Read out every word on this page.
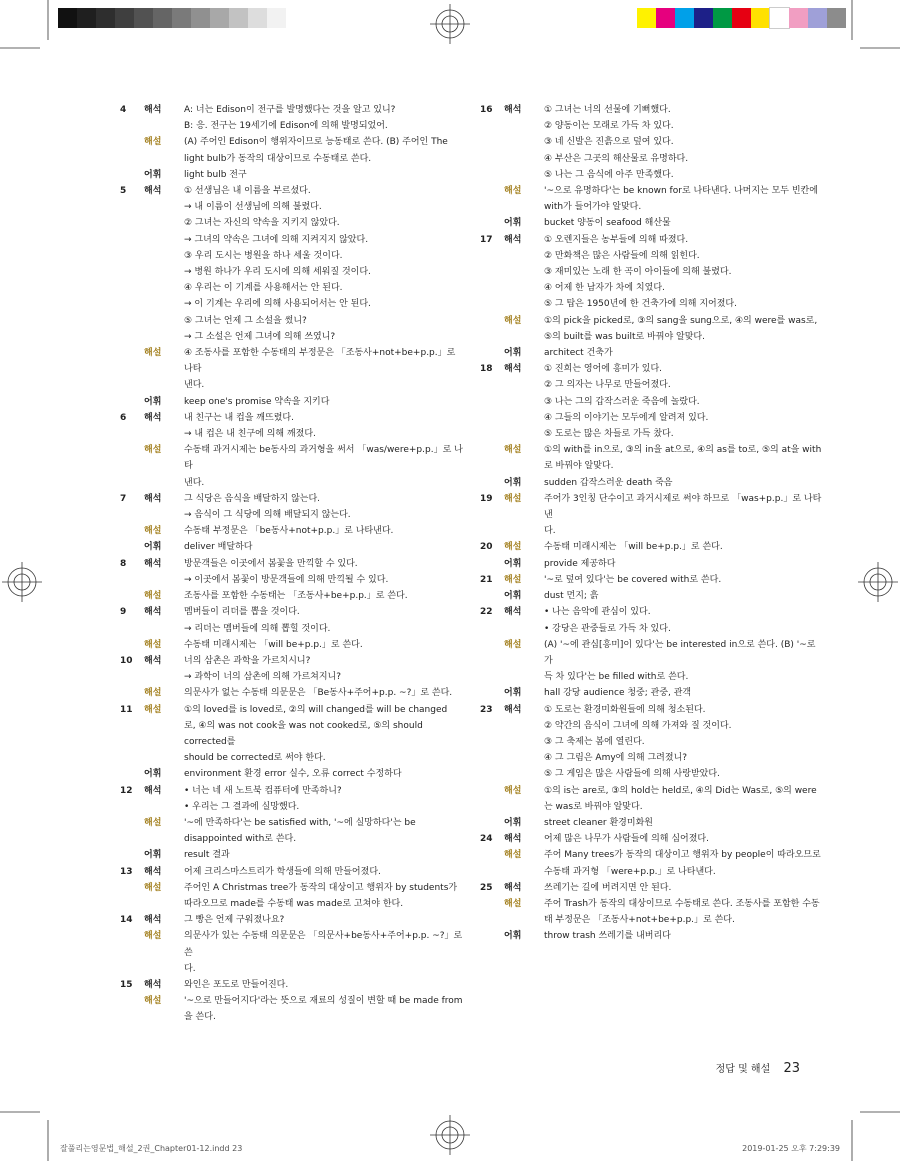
4 해석	A: 너는 Edison이 전구를 발명했다는 것을 알고 있니?
B: 응. 전구는 19세기에 Edison에 의해 발명되었어.
해설	(A) 주어인 Edison이 행위자이므로 능동태로 쓴다. (B) 주어인 The
light bulb가 동작의 대상이므로 수동태로 쓴다.
어휘	light bulb 전구
5 해석	① 선생님은 내 이름을 부르셨다.
→ 내 이름이 선생님에 의해 불렸다.
② 그녀는 자신의 약속을 지키지 않았다.
→ 그녀의 약속은 그녀에 의해 지켜지지 않았다.
③ 우리 도시는 병원을 하나 세울 것이다.
→ 병원 하나가 우리 도시에 의해 세워질 것이다.
④ 우리는 이 기계를 사용해서는 안 된다.
→ 이 기계는 우리에 의해 사용되어서는 안 된다.
⑤ 그녀는 언제 그 소설을 썼니?
→ 그 소설은 언제 그녀에 의해 쓰였니?
해설	④ 조동사를 포함한 수동태의 부정문은 「조동사+not+be+p.p.」로 나타
낸다.
어휘	keep one's promise 약속을 지키다
6 해석	내 친구는 내 컵을 깨뜨렸다.
→ 내 컵은 내 친구에 의해 깨졌다.
해설	수동태 과거시제는 be동사의 과거형을 써서 「was/were+p.p.」로 나타
낸다.
7 해석	그 식당은 음식을 배달하지 않는다.
→ 음식이 그 식당에 의해 배달되지 않는다.
해설	수동태 부정문은 「be동사+not+p.p.」로 나타낸다.
어휘	deliver 배달하다
8 해석	방문객들은 이곳에서 봄꽃을 만끽할 수 있다.
→ 이곳에서 봄꽃이 방문객들에 의해 만끽될 수 있다.
해설	조동사를 포함한 수동태는 「조동사+be+p.p.」로 쓴다.
9 해석	멤버들이 리더를 뽑을 것이다.
→ 리더는 멤버들에 의해 뽑힐 것이다.
해설	수동태 미래시제는 「will be+p.p.」로 쓴다.
10 해석	너의 삼촌은 과학을 가르치시니?
→ 과학이 너의 삼촌에 의해 가르쳐지니?
해설	의문사가 없는 수동태 의문문은 「Be동사+주어+p.p. ~?」로 쓴다.
11 해설	①의 loved를 is loved로, ②의 will changed를 will be changed
로, ④의 was not cook을 was not cooked로, ⑤의 should corrected를
should be corrected로 써야 한다.
어휘	environment 환경 error 실수, 오류 correct 수정하다
12 해석	• 너는 네 새 노트북 컴퓨터에 만족하니?
• 우리는 그 결과에 실망했다.
해설	'~에 만족하다'는 be satisfied with, '~에 실망하다'는 be
disappointed with로 쓴다.
어휘	result 결과
13 해석	어제 크리스마스트리가 학생들에 의해 만들어졌다.
해설	주어인 A Christmas tree가 동작의 대상이고 행위자 by students가
따라오므로 made를 수동태 was made로 고쳐야 한다.
14 해석	그 빵은 언제 구워졌나요?
해설	의문사가 있는 수동태 의문문은 「의문사+be동사+주어+p.p. ~?」로 쓴
다.
15 해석	와인은 포도로 만들어진다.
해설	'~으로 만들어지다'라는 뜻으로 재료의 성질이 변할 때 be made from
을 쓴다.
16 해석	① 그녀는 너의 선물에 기뻐했다.
② 양동이는 모래로 가득 차 있다.
③ 네 신발은 진흙으로 덮여 있다.
④ 부산은 그곳의 해산물로 유명하다.
⑤ 나는 그 음식에 아주 만족했다.
해설	'~으로 유명하다'는 be known for로 나타낸다. 나머지는 모두 빈칸에
with가 들어가야 알맞다.
어휘	bucket 양동이 seafood 해산물
17 해석	① 오렌지들은 농부들에 의해 따졌다.
② 만화책은 많은 사람들에 의해 읽힌다.
③ 재미있는 노래 한 곡이 아이들에 의해 불렸다.
④ 어제 한 남자가 차에 치였다.
⑤ 그 탑은 1950년에 한 건축가에 의해 지어졌다.
해설	①의 pick을 picked로, ③의 sang을 sung으로, ④의 were를 was로,
⑤의 built를 was built로 바꿔야 알맞다.
어휘	architect 건축가
18 해석	① 진희는 영어에 흥미가 있다.
② 그 의자는 나무로 만들어졌다.
③ 나는 그의 갑작스러운 죽음에 놀랐다.
④ 그들의 이야기는 모두에게 알려져 있다.
⑤ 도로는 많은 차들로 가득 찼다.
해설	①의 with를 in으로, ③의 in을 at으로, ④의 as를 to로, ⑤의 at을 with
로 바꿔야 알맞다.
어휘	sudden 갑작스러운 death 죽음
19 해설	주어가 3인칭 단수이고 과거시제로 써야 하므로 「was+p.p.」로 나타낸
다.
20 해설	수동태 미래시제는 「will be+p.p.」로 쓴다.
어휘	provide 제공하다
21 해설	'~로 덮여 있다'는 be covered with로 쓴다.
어휘	dust 먼지; 흙
22 해석	• 나는 음악에 관심이 있다.
• 강당은 관중들로 가득 차 있다.
해설	(A) '~에 관심[흥미]이 있다'는 be interested in으로 쓴다. (B) '~로 가
득 차 있다'는 be filled with로 쓴다.
어휘	hall 강당 audience 청중; 관중, 관객
23 해석	① 도로는 환경미화원들에 의해 청소된다.
② 약간의 음식이 그녀에 의해 가져와 질 것이다.
③ 그 축제는 봄에 열린다.
④ 그 그림은 Amy에 의해 그려졌니?
⑤ 그 게임은 많은 사람들에 의해 사랑받았다.
해설	①의 is는 are로, ③의 hold는 held로, ④의 Did는 Was로, ⑤의 were
는 was로 바꿔야 알맞다.
어휘	street cleaner 환경미화원
24 해석	어제 많은 나무가 사람들에 의해 심어졌다.
해설	주어 Many trees가 동작의 대상이고 행위자 by people이 따라오므로
수동태 과거형 「were+p.p.」로 나타낸다.
25 해석	쓰레기는 길에 버려지면 안 된다.
해설	주어 Trash가 동작의 대상이므로 수동태로 쓴다. 조동사를 포함한 수동
태 부정문은 「조동사+not+be+p.p.」로 쓴다.
어휘	throw trash 쓰레기를 내버리다
정답 및 해설 23
잘풀리는영문법_해설_2권_Chapter01-12.indd 23	2019-01-25 오후 7:29:39
